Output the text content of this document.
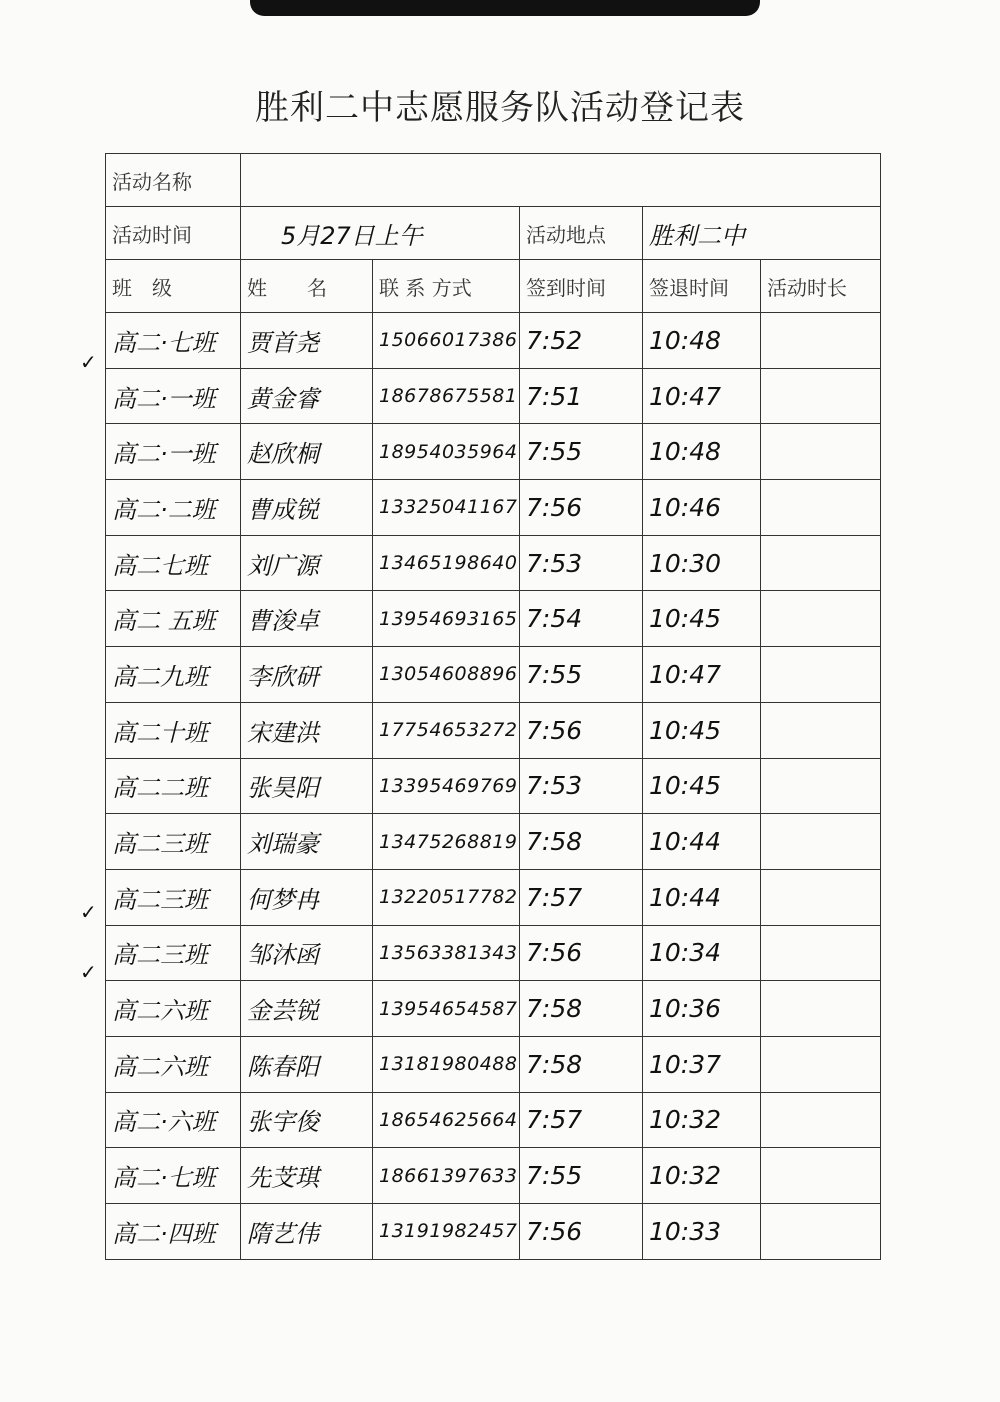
胜利二中志愿服务队活动登记表
活动名称					
活动时间	5月27日上午		活动地点	胜利二中	
班　级	姓　　名	联 系 方式	签到时间	签退时间	活动时长
高二·七班	贾首尧	15066017386	7:52	10:48	
高二·一班	黄金睿	18678675581	7:51	10:47	
高二·一班	赵欣桐	18954035964	7:55	10:48	
高二·二班	曹成锐	13325041167	7:56	10:46	
高二七班	刘广源	13465198640	7:53	10:30	
高二 五班	曹浚卓	13954693165	7:54	10:45	
高二九班	李欣研	13054608896	7:55	10:47	
高二十班	宋建洪	17754653272	7:56	10:45	
高二二班	张昊阳	13395469769	7:53	10:45	
高二三班	刘瑞豪	13475268819	7:58	10:44	
高二三班	何梦冉	13220517782	7:57	10:44	
高二三班	邹沐函	13563381343	7:56	10:34	
高二六班	金芸锐	13954654587	7:58	10:36	
高二六班	陈春阳	13181980488	7:58	10:37	
高二·六班	张宇俊	18654625664	7:57	10:32	
高二·七班	先芠琪	18661397633	7:55	10:32	
高二·四班	隋艺伟	13191982457	7:56	10:33	
✓
✓
✓
